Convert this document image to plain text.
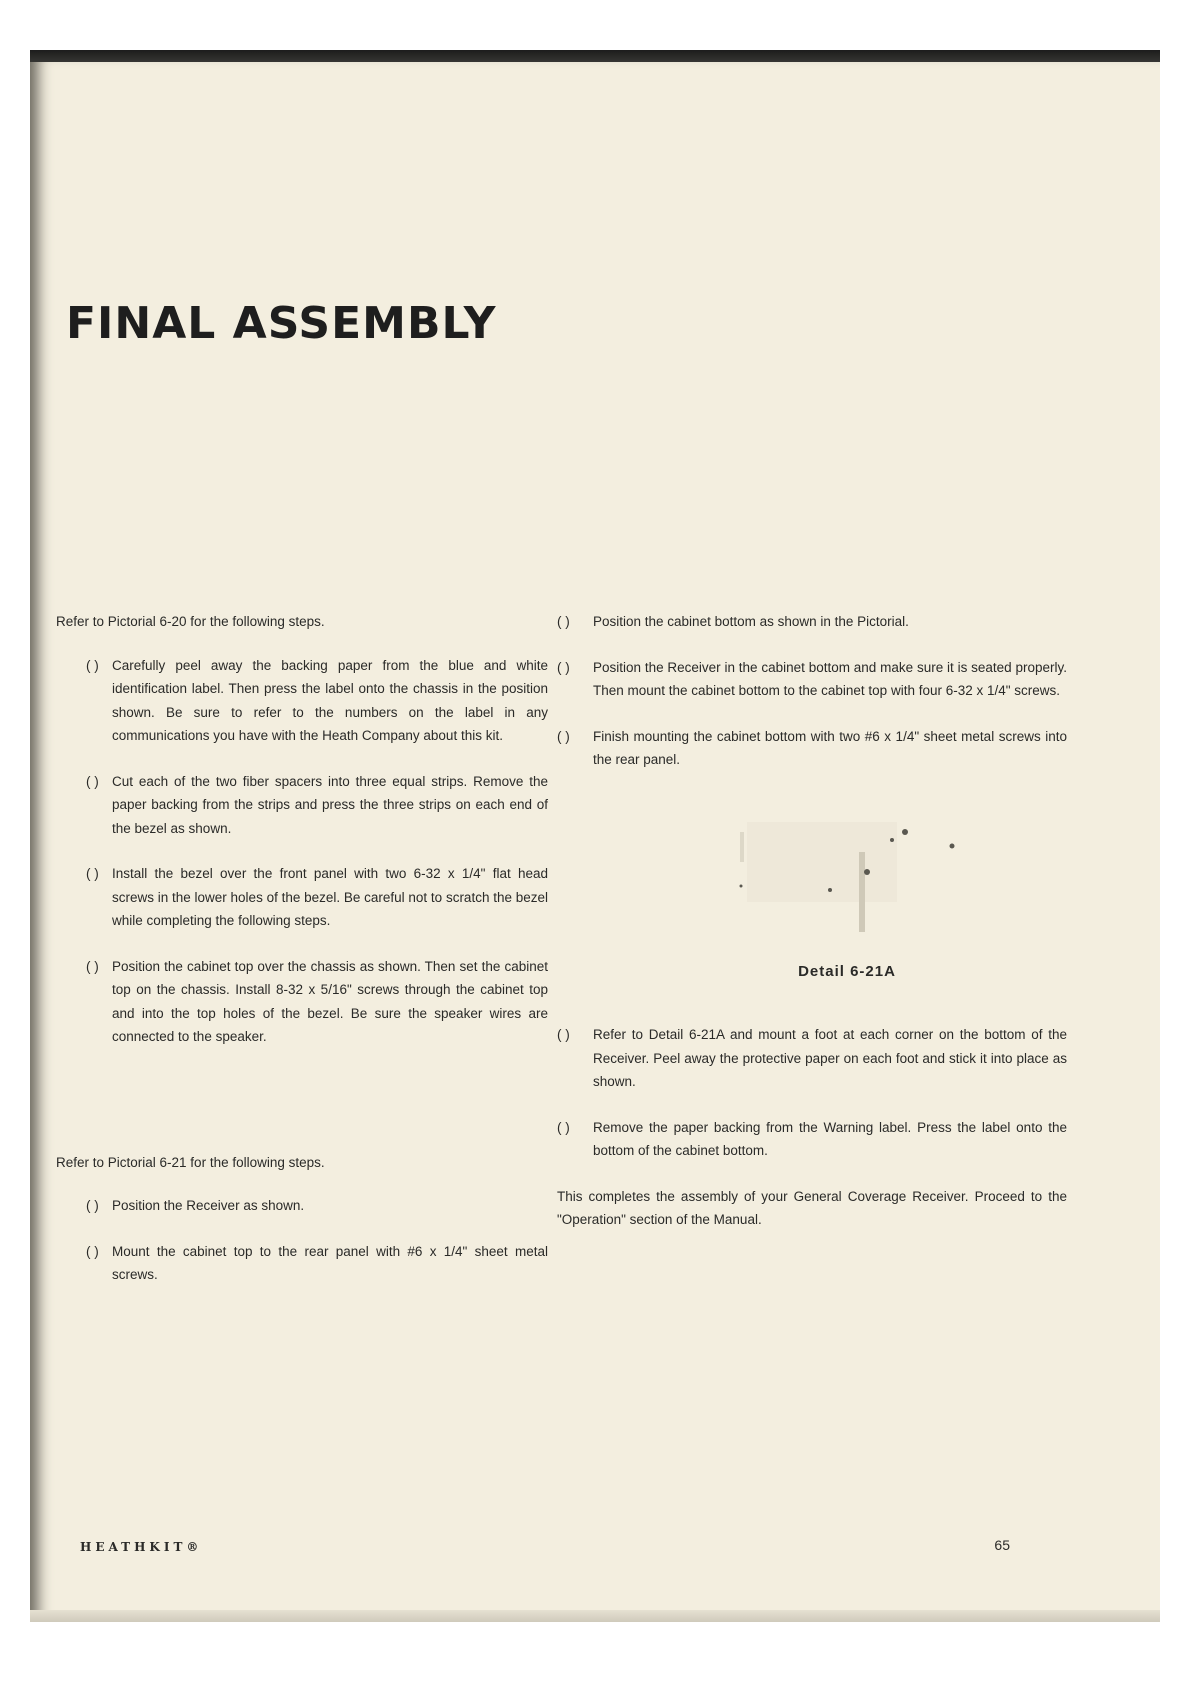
FINAL ASSEMBLY

Refer to Pictorial 6-20 for the following steps.

( ) Carefully peel away the backing paper from the blue and white identification label. Then press the label onto the chassis in the position shown. Be sure to refer to the numbers on the label in any communications you have with the Heath Company about this kit.
( ) Cut each of the two fiber spacers into three equal strips. Remove the paper backing from the strips and press the three strips on each end of the bezel as shown.
( ) Install the bezel over the front panel with two 6-32 x 1/4" flat head screws in the lower holes of the bezel. Be careful not to scratch the bezel while completing the following steps.
( ) Position the cabinet top over the chassis as shown. Then set the cabinet top on the chassis. Install 8-32 x 5/16" screws through the cabinet top and into the top holes of the bezel. Be sure the speaker wires are connected to the speaker.

Refer to Pictorial 6-21 for the following steps.

( ) Position the Receiver as shown.
( ) Mount the cabinet top to the rear panel with #6 x 1/4" sheet metal screws.
( ) Position the cabinet bottom as shown in the Pictorial.
( ) Position the Receiver in the cabinet bottom and make sure it is seated properly. Then mount the cabinet bottom to the cabinet top with four 6-32 x 1/4" screws.
( ) Finish mounting the cabinet bottom with two #6 x 1/4" sheet metal screws into the rear panel.
Detail 6-21A
( ) Refer to Detail 6-21A and mount a foot at each corner on the bottom of the Receiver. Peel away the protective paper on each foot and stick it into place as shown.
( ) Remove the paper backing from the Warning label. Press the label onto the bottom of the cabinet bottom.

This completes the assembly of your General Coverage Receiver. Proceed to the "Operation" section of the Manual.

HEATHKIT®	65
